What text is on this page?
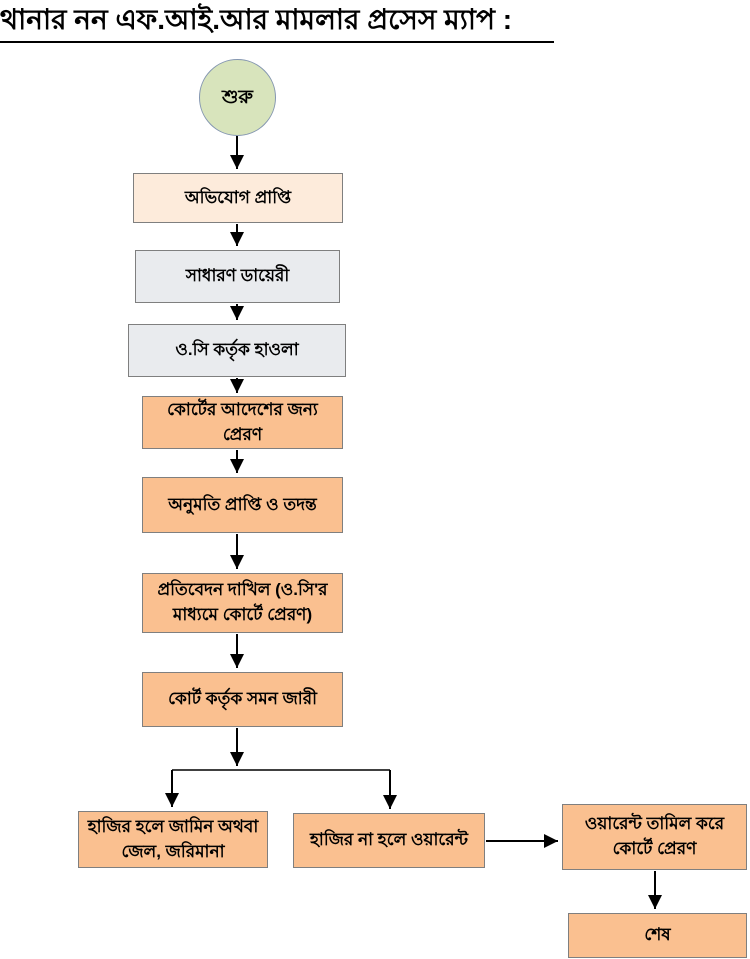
থানার নন এফ.আই.আর মামলার প্রসেস ম্যাপ :
শুরু
অভিযোগ প্রাপ্তি
সাধারণ ডায়েরী
ও.সি কর্তৃক হাওলা
কোর্টের আদেশের জন্য প্রেরণ
অনুমতি প্রাপ্তি ও তদন্ত
প্রতিবেদন দাখিল (ও.সি'র মাধ্যমে কোর্টে প্রেরণ)
কোর্ট কর্তৃক সমন জারী
হাজির হলে জামিন অথবা জেল, জরিমানা
হাজির না হলে ওয়ারেন্ট
ওয়ারেন্ট তামিল করে কোর্টে প্রেরণ
শেষ
